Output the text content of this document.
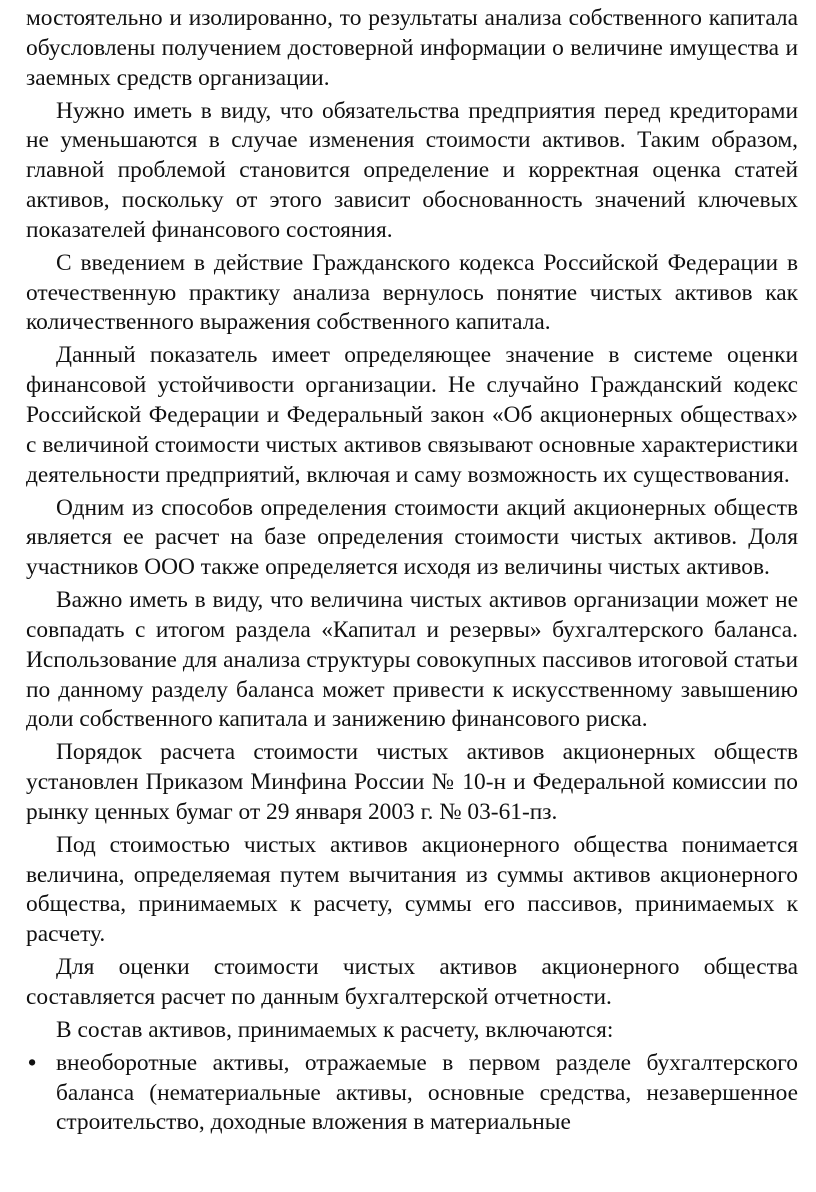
мостоятельно и изолированно, то результаты анализа собственного капитала обусловлены получением достоверной информации о величине имущества и заемных средств организации.

Нужно иметь в виду, что обязательства предприятия перед кредиторами не уменьшаются в случае изменения стоимости активов. Таким образом, главной проблемой становится определение и корректная оценка статей активов, поскольку от этого зависит обоснованность значений ключевых показателей финансового состояния.

С введением в действие Гражданского кодекса Российской Федерации в отечественную практику анализа вернулось понятие чистых активов как количественного выражения собственного капитала.

Данный показатель имеет определяющее значение в системе оценки финансовой устойчивости организации. Не случайно Гражданский кодекс Российской Федерации и Федеральный закон «Об акционерных обществах» с величиной стоимости чистых активов связывают основные характеристики деятельности предприятий, включая и саму возможность их существования.

Одним из способов определения стоимости акций акционерных обществ является ее расчет на базе определения стоимости чистых активов. Доля участников ООО также определяется исходя из величины чистых активов.

Важно иметь в виду, что величина чистых активов организации может не совпадать с итогом раздела «Капитал и резервы» бухгалтерского баланса. Использование для анализа структуры совокупных пассивов итоговой статьи по данному разделу баланса может привести к искусственному завышению доли собственного капитала и занижeнию финансового риска.

Порядок расчета стоимости чистых активов акционерных обществ установлен Приказом Минфина России № 10-н и Федеральной комиссии по рынку ценных бумаг от 29 января 2003 г. № 03-61-пз.

Под стоимостью чистых активов акционерного общества понимается величина, определяемая путем вычитания из суммы активов акционерного общества, принимаемых к расчету, суммы его пассивов, принимаемых к расчету.

Для оценки стоимости чистых активов акционерного общества составляется расчет по данным бухгалтерской отчетности.

В состав активов, принимаемых к расчету, включаются:

• внеоборотные активы, отражаемые в первом разделе бухгалтерского баланса (нематериальные активы, основные средства, незавершенное строительство, доходные вложения в материальные
